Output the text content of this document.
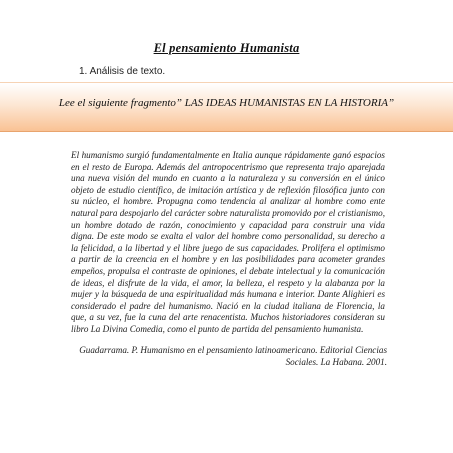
El pensamiento Humanista
1. Análisis de texto.
Lee el siguiente fragmento” LAS IDEAS HUMANISTAS EN LA HISTORIA”

El humanismo surgió fundamentalmente en Italia aunque rápidamente ganó espacios en el resto de Europa. Además del antropocentrismo que representa trajo aparejada una nueva visión del mundo en cuanto a la naturaleza y su conversión en el único objeto de estudio científico, de imitación artística y de reflexión filosófica junto con su núcleo, el hombre. Propugna como tendencia al analizar al hombre como ente natural para despojarlo del carácter sobre naturalista promovido por el cristianismo, un hombre dotado de razón, conocimiento y capacidad para construir una vida digna. De este modo se exalta el valor del hombre como personalidad, su derecho a la felicidad, a la libertad y el libre juego de sus capacidades. Prolifera el optimismo a partir de la creencia en el hombre y en las posibilidades para acometer grandes empeños, propulsa el contraste de opiniones, el debate intelectual y la comunicación de ideas, el disfrute de la vida, el amor, la belleza, el respeto y la alabanza por la mujer y la búsqueda de una espiritualidad más humana e interior. Dante Alighieri es considerado el padre del humanismo. Nació en la ciudad italiana de Florencia, la que, a su vez, fue la cuna del arte renacentista. Muchos historiadores consideran su libro La Divina Comedia, como el punto de partida del pensamiento humanista.

Guadarrama. P. Humanismo en el pensamiento latinoamericano. Editorial Ciencias Sociales. La Habana. 2001.
